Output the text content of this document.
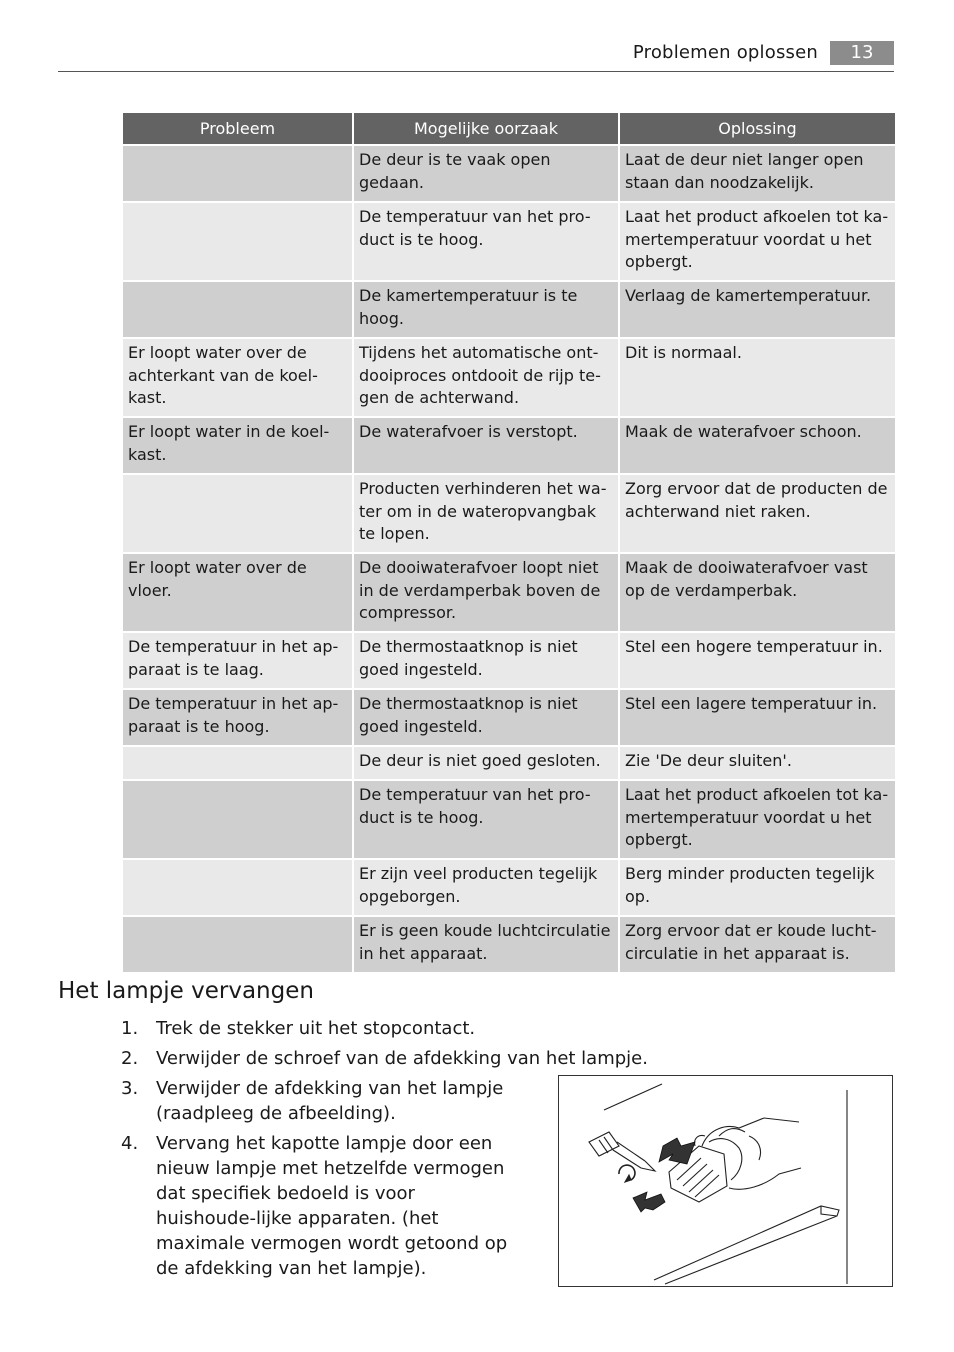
Problemen oplossen	13
Probleem	Mogelijke oorzaak	Oplossing
	De deur is te vaak open gedaan.	Laat de deur niet langer open staan dan noodzakelijk.
	De temperatuur van het pro-duct is te hoog.	Laat het product afkoelen tot ka-mertemperatuur voordat u het opbergt.
	De kamertemperatuur is te hoog.	Verlaag de kamertemperatuur.
Er loopt water over de achterkant van de koel-kast.	Tijdens het automatische ont-dooiproces ontdooit de rijp te-gen de achterwand.	Dit is normaal.
Er loopt water in de koel-kast.	De waterafvoer is verstopt.	Maak de waterafvoer schoon.
	Producten verhinderen het wa-ter om in de wateropvangbak te lopen.	Zorg ervoor dat de producten de achterwand niet raken.
Er loopt water over de vloer.	De dooiwaterafvoer loopt niet in de verdamperbak boven de compressor.	Maak de dooiwaterafvoer vast op de verdamperbak.
De temperatuur in het ap-paraat is te laag.	De thermostaatknop is niet goed ingesteld.	Stel een hogere temperatuur in.
De temperatuur in het ap-paraat is te hoog.	De thermostaatknop is niet goed ingesteld.	Stel een lagere temperatuur in.
	De deur is niet goed gesloten.	Zie 'De deur sluiten'.
	De temperatuur van het pro-duct is te hoog.	Laat het product afkoelen tot ka-mertemperatuur voordat u het opbergt.
	Er zijn veel producten tegelijk opgeborgen.	Berg minder producten tegelijk op.
	Er is geen koude luchtcirculatie in het apparaat.	Zorg ervoor dat er koude lucht-circulatie in het apparaat is.
Het lampje vervangen
1. Trek de stekker uit het stopcontact.
2. Verwijder de schroef van de afdekking van het lampje.
3. Verwijder de afdekking van het lampje (raadpleeg de afbeelding).
4. Vervang het kapotte lampje door een nieuw lampje met hetzelfde vermogen dat specifiek bedoeld is voor huishoude-lijke apparaten. (het maximale vermogen wordt getoond op de afdekking van het lampje).
